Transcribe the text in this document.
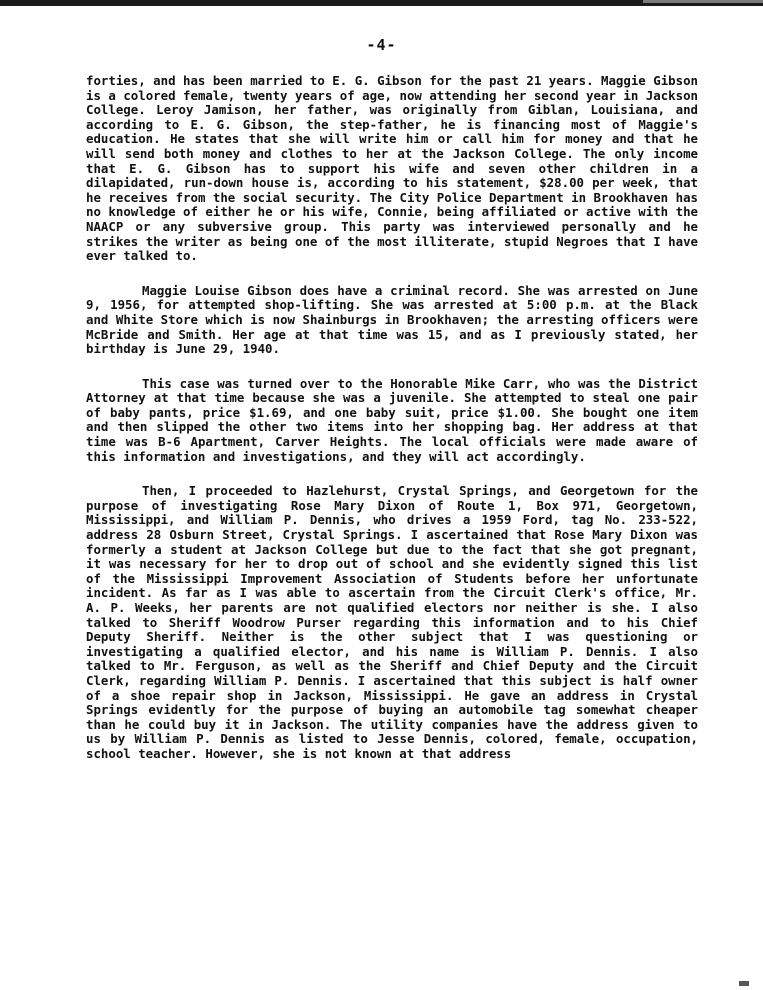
-4-

forties, and has been married to E. G. Gibson for the past 21 years. Maggie Gibson is a colored female, twenty years of age, now attending her second year in Jackson College. Leroy Jamison, her father, was originally from Giblan, Louisiana, and according to E. G. Gibson, the step-father, he is financing most of Maggie's education. He states that she will write him or call him for money and that he will send both money and clothes to her at the Jackson College. The only income that E. G. Gibson has to support his wife and seven other children in a dilapidated, run-down house is, according to his statement, $28.00 per week, that he receives from the social security. The City Police Department in Brookhaven has no knowledge of either he or his wife, Connie, being affiliated or active with the NAACP or any subversive group. This party was interviewed personally and he strikes the writer as being one of the most illiterate, stupid Negroes that I have ever talked to.

Maggie Louise Gibson does have a criminal record. She was arrested on June 9, 1956, for attempted shop-lifting. She was arrested at 5:00 p.m. at the Black and White Store which is now Shainburgs in Brookhaven; the arresting officers were McBride and Smith. Her age at that time was 15, and as I previously stated, her birthday is June 29, 1940.

This case was turned over to the Honorable Mike Carr, who was the District Attorney at that time because she was a juvenile. She attempted to steal one pair of baby pants, price $1.69, and one baby suit, price $1.00. She bought one item and then slipped the other two items into her shopping bag. Her address at that time was B-6 Apartment, Carver Heights. The local officials were made aware of this information and investigations, and they will act accordingly.

Then, I proceeded to Hazlehurst, Crystal Springs, and Georgetown for the purpose of investigating Rose Mary Dixon of Route 1, Box 971, Georgetown, Mississippi, and William P. Dennis, who drives a 1959 Ford, tag No. 233-522, address 28 Osburn Street, Crystal Springs. I ascertained that Rose Mary Dixon was formerly a student at Jackson College but due to the fact that she got pregnant, it was necessary for her to drop out of school and she evidently signed this list of the Mississippi Improvement Association of Students before her unfortunate incident. As far as I was able to ascertain from the Circuit Clerk's office, Mr. A. P. Weeks, her parents are not qualified electors nor neither is she. I also talked to Sheriff Woodrow Purser regarding this information and to his Chief Deputy Sheriff. Neither is the other subject that I was questioning or investigating a qualified elector, and his name is William P. Dennis. I also talked to Mr. Ferguson, as well as the Sheriff and Chief Deputy and the Circuit Clerk, regarding William P. Dennis. I ascertained that this subject is half owner of a shoe repair shop in Jackson, Mississippi. He gave an address in Crystal Springs evidently for the purpose of buying an automobile tag somewhat cheaper than he could buy it in Jackson. The utility companies have the address given to us by William P. Dennis as listed to Jesse Dennis, colored, female, occupation, school teacher. However, she is not known at that address
